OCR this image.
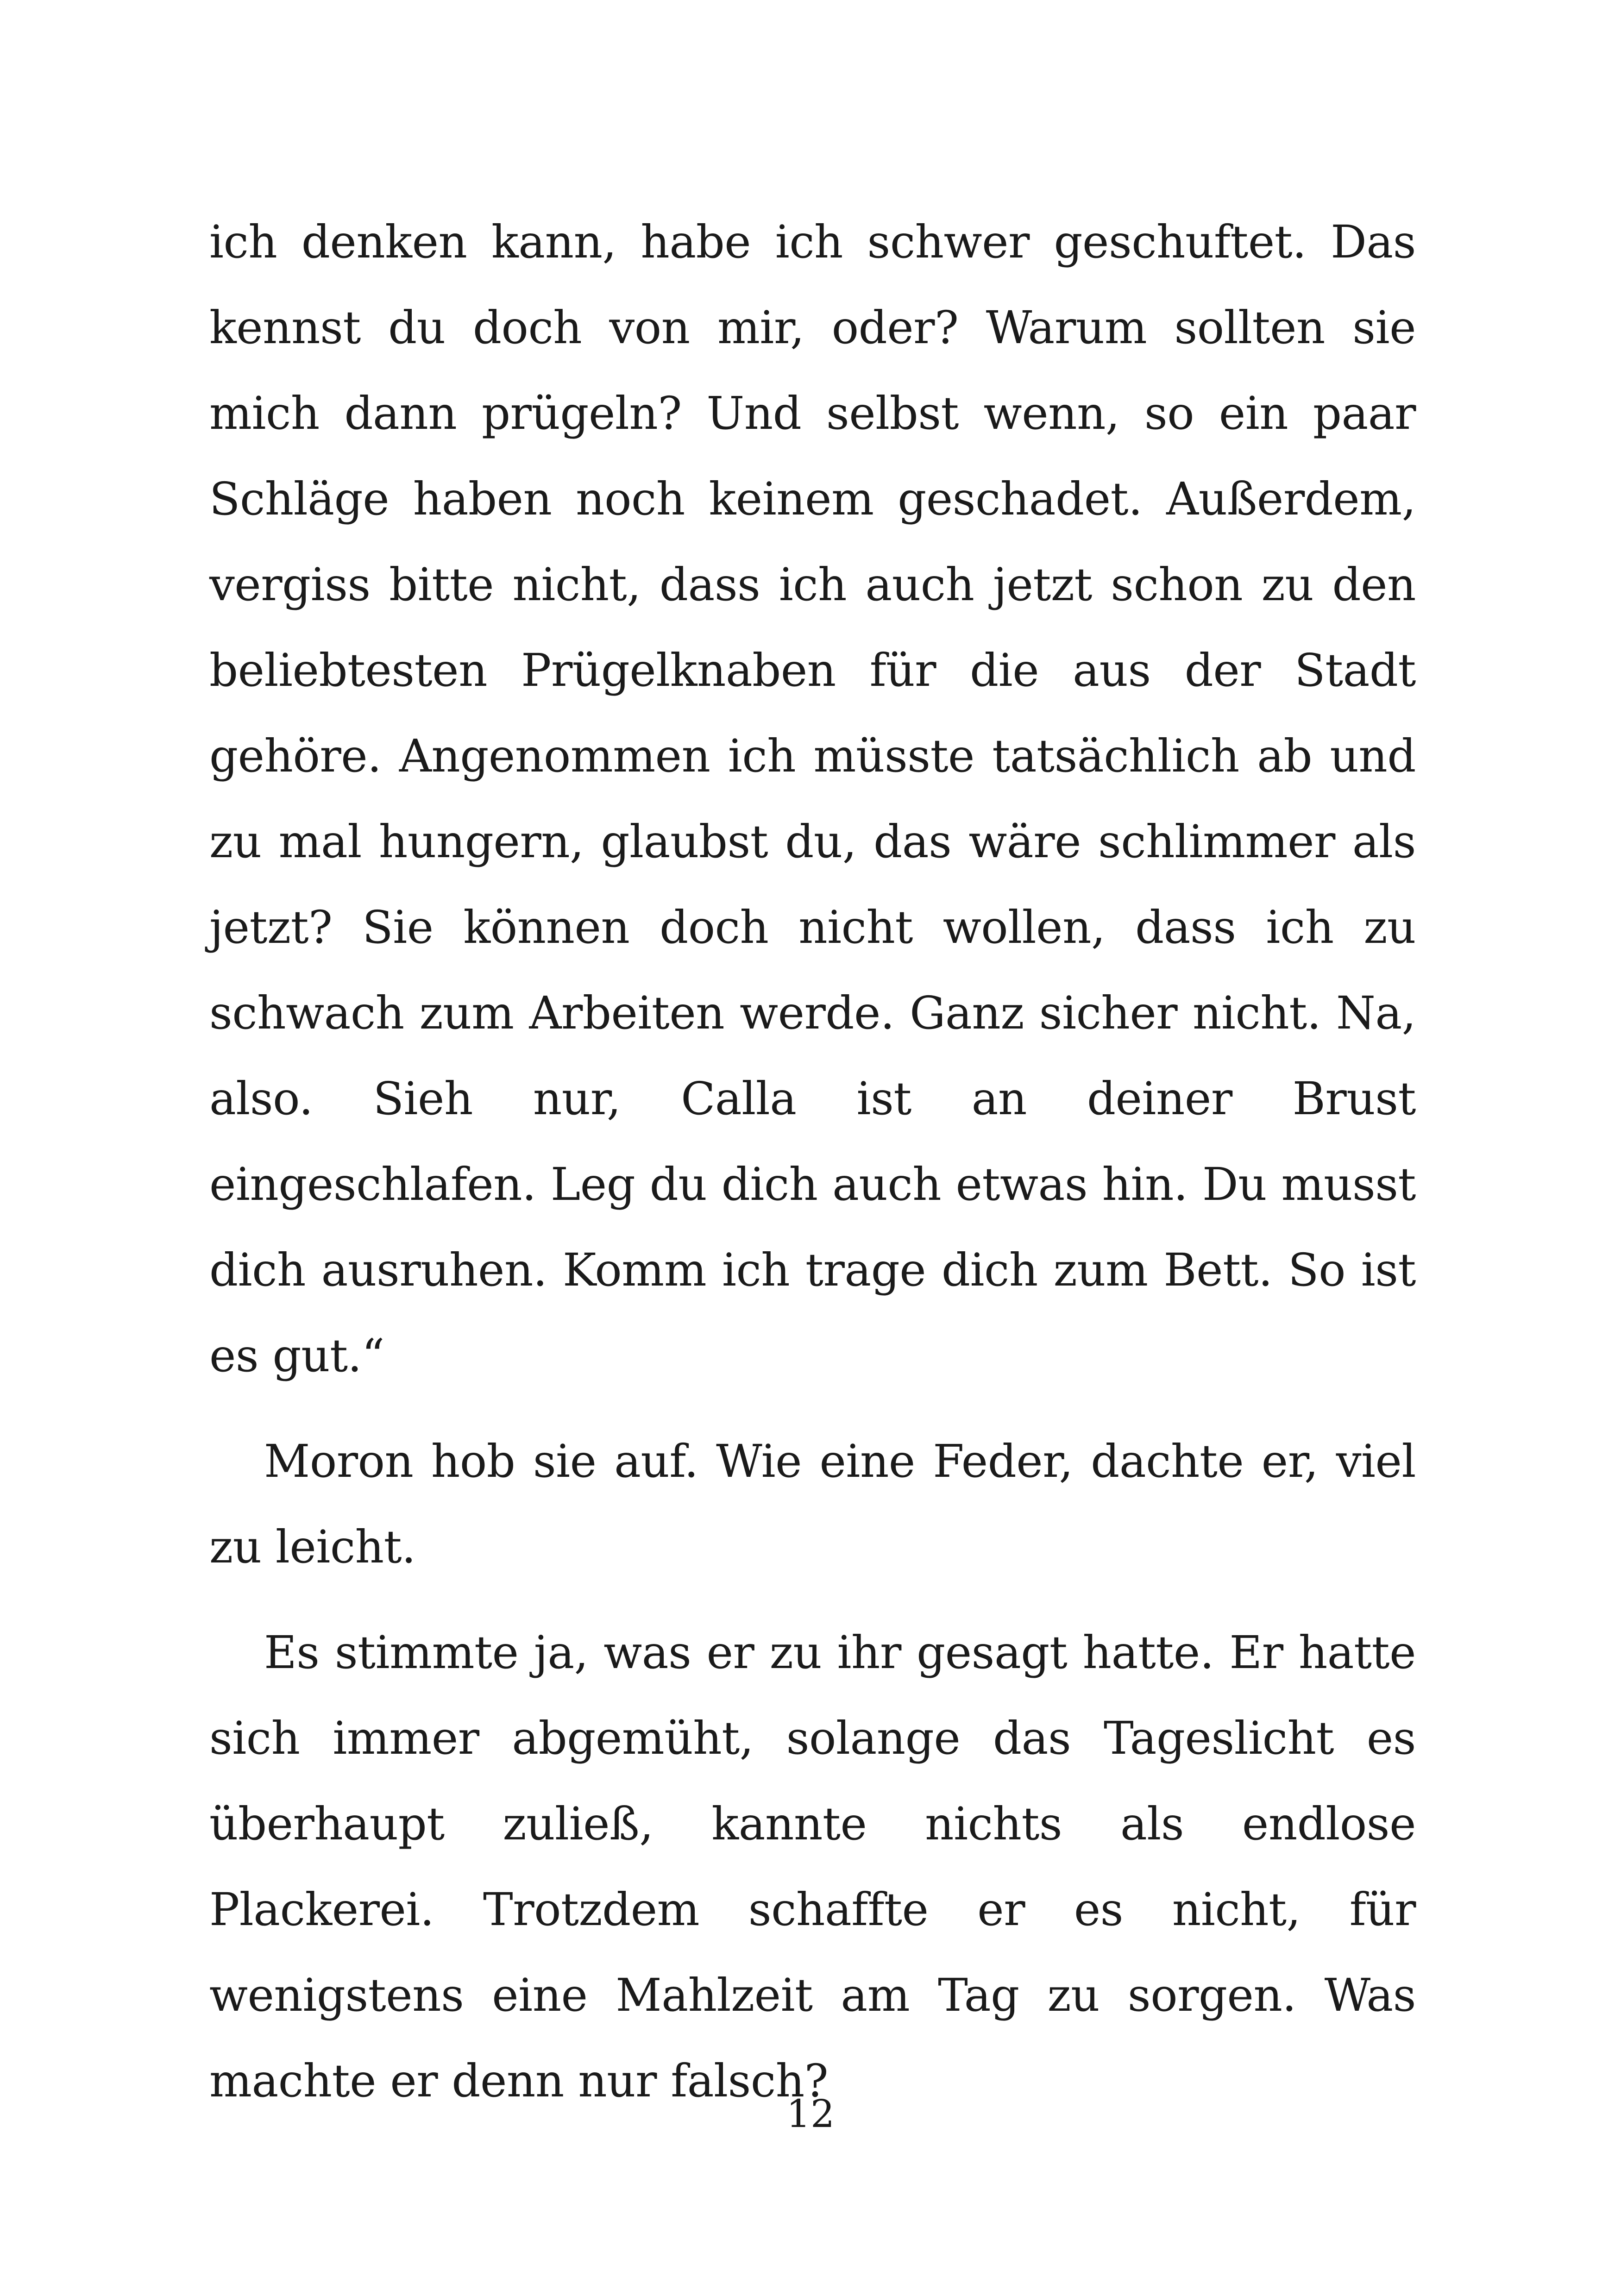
ich denken kann, habe ich schwer geschuftet. Das kennst du doch von mir, oder? Warum sollten sie mich dann prügeln? Und selbst wenn, so ein paar Schläge haben noch keinem geschadet. Außerdem, vergiss bitte nicht, dass ich auch jetzt schon zu den beliebtesten Prügelknaben für die aus der Stadt gehöre. Angenommen ich müsste tatsächlich ab und zu mal hungern, glaubst du, das wäre schlimmer als jetzt? Sie können doch nicht wollen, dass ich zu schwach zum Arbeiten werde. Ganz sicher nicht. Na, also. Sieh nur, Calla ist an deiner Brust eingeschlafen. Leg du dich auch etwas hin. Du musst dich ausruhen. Komm ich trage dich zum Bett. So ist es gut.“

Moron hob sie auf. Wie eine Feder, dachte er, viel zu leicht.

Es stimmte ja, was er zu ihr gesagt hatte. Er hatte sich immer abgemüht, solange das Tageslicht es überhaupt zuließ, kannte nichts als endlose Plackerei. Trotzdem schaffte er es nicht, für wenigstens eine Mahlzeit am Tag zu sorgen. Was machte er denn nur falsch?

12
